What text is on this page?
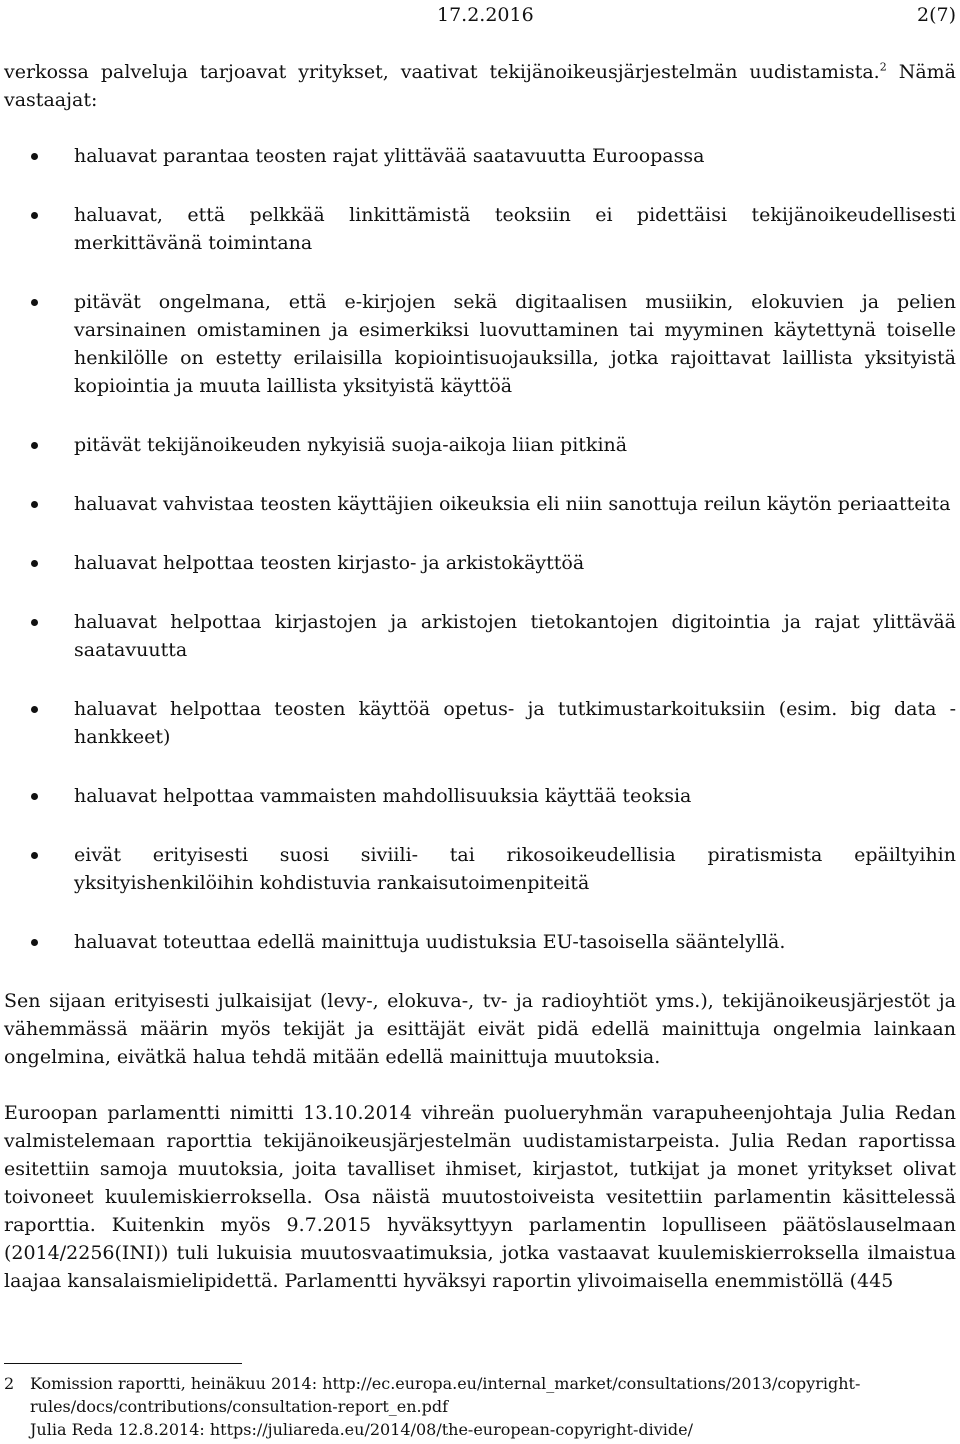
17.2.2016	2(7)

verkossa palveluja tarjoavat yritykset, vaativat tekijänoikeusjärjestelmän uudistamista.$^2$ Nämä vastaajat:

haluavat parantaa teosten rajat ylittävää saatavuutta Euroopassa
haluavat, että pelkkää linkittämistä teoksiin ei pidettäisi tekijänoikeudellisesti merkittävänä toimintana
pitävät ongelmana, että e-kirjojen sekä digitaalisen musiikin, elokuvien ja pelien varsinainen omistaminen ja esimerkiksi luovuttaminen tai myyminen käytettynä toiselle henkilölle on estetty erilaisilla kopiointisuojauksilla, jotka rajoittavat laillista yksityistä kopiointia ja muuta laillista yksityistä käyttöä
pitävät tekijänoikeuden nykyisiä suoja-aikoja liian pitkinä
haluavat vahvistaa teosten käyttäjien oikeuksia eli niin sanottuja reilun käytön periaatteita
haluavat helpottaa teosten kirjasto- ja arkistokäyttöä
haluavat helpottaa kirjastojen ja arkistojen tietokantojen digitointia ja rajat ylittävää saatavuutta
haluavat helpottaa teosten käyttöä opetus- ja tutkimustarkoituksiin (esim. big data -hankkeet)
haluavat helpottaa vammaisten mahdollisuuksia käyttää teoksia
eivät erityisesti suosi siviili- tai rikosoikeudellisia piratismista epäiltyihin yksityishenkilöihin kohdistuvia rankaisutoimenpiteitä
haluavat toteuttaa edellä mainittuja uudistuksia EU-tasoisella sääntelyllä.

Sen sijaan erityisesti julkaisijat (levy-, elokuva-, tv- ja radioyhtiöt yms.), tekijänoikeusjärjestöt ja vähemmässä määrin myös tekijät ja esittäjät eivät pidä edellä mainittuja ongelmia lainkaan ongelmina, eivätkä halua tehdä mitään edellä mainittuja muutoksia.

Euroopan parlamentti nimitti 13.10.2014 vihreän puolueryhmän varapuheenjohtaja Julia Redan valmistelemaan raporttia tekijänoikeusjärjestelmän uudistamistarpeista. Julia Redan raportissa esitettiin samoja muutoksia, joita tavalliset ihmiset, kirjastot, tutkijat ja monet yritykset olivat toivoneet kuulemiskierroksella. Osa näistä muutostoiveista vesitettiin parlamentin käsittelessä raporttia. Kuitenkin myös 9.7.2015 hyväksyttyyn parlamentin lopulliseen päätöslauselmaan (2014/2256(INI)) tuli lukuisia muutosvaatimuksia, jotka vastaavat kuulemiskierroksella ilmaistua laajaa kansalaismielipidettä. Parlamentti hyväksyi raportin ylivoimaisella enemmistöllä (445

2 Komission raportti, heinäkuu 2014: http://ec.europa.eu/internal_market/consultations/2013/copyright-
rules/docs/contributions/consultation-report_en.pdf
Julia Reda 12.8.2014: https://juliareda.eu/2014/08/the-european-copyright-divide/
